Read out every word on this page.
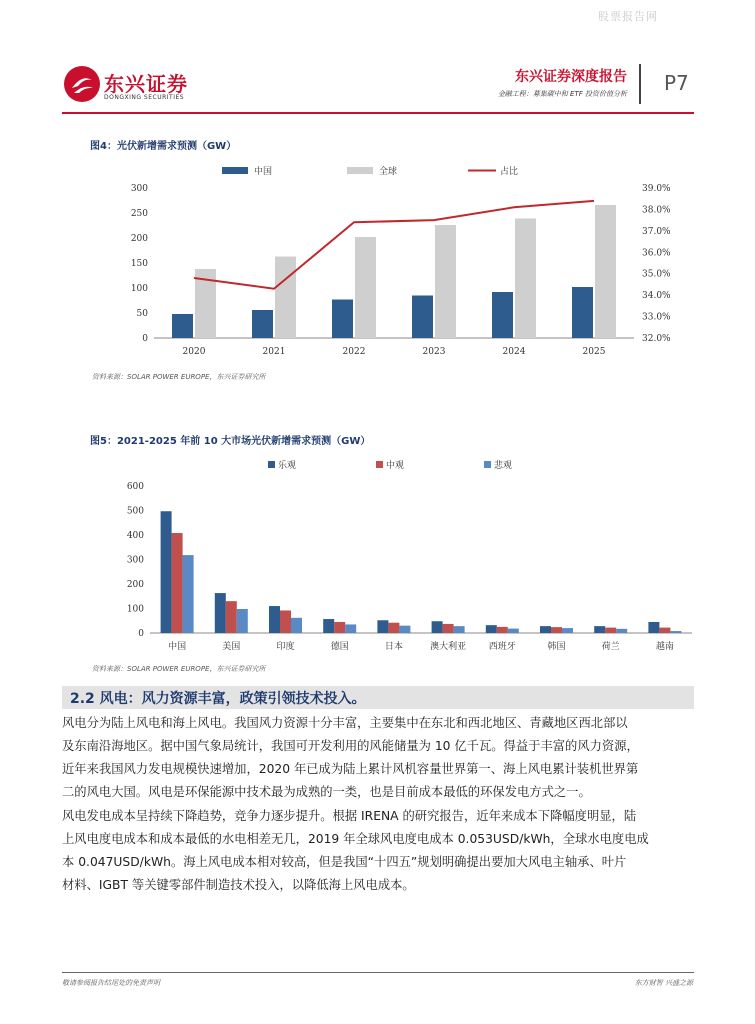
股票报告网
东兴证券
DONGXING SECURITIES
东兴证券深度报告
金融工程：募集碳中和 ETF 投资价值分析 P7
图4：光伏新增需求预测（GW）
中国	全球	占比
0
50
100
150
200
250
300
32.0%
33.0%
34.0%
35.0%
36.0%
37.0%
38.0%
39.0%
2020	2021	2022	2023	2024	2025
资料来源：SOLAR POWER EUROPE，东兴证券研究所
图5：2021-2025 年前 10 大市场光伏新增需求预测（GW）
乐观	中观	悲观
0
100
200
300
400
500
600
中国	美国	印度	德国	日本	澳大利亚	西班牙	韩国	荷兰	越南
资料来源：SOLAR POWER EUROPE，东兴证券研究所
2.2 风电：风力资源丰富，政策引领技术投入。
风电分为陆上风电和海上风电。我国风力资源十分丰富，主要集中在东北和西北地区、青藏地区西北部以
及东南沿海地区。据中国气象局统计，我国可开发利用的风能储量为 10 亿千瓦。得益于丰富的风力资源，
近年来我国风力发电规模快速增加，2020 年已成为陆上累计风机容量世界第一、海上风电累计装机世界第
二的风电大国。风电是环保能源中技术最为成熟的一类，也是目前成本最低的环保发电方式之一。
风电发电成本呈持续下降趋势，竞争力逐步提升。根据 IRENA 的研究报告，近年来成本下降幅度明显，陆
上风电度电成本和成本最低的水电相差无几，2019 年全球风电度电成本 0.053USD/kWh，全球水电度电成
本 0.047USD/kWh。海上风电成本相对较高，但是我国“十四五”规划明确提出要加大风电主轴承、叶片
材料、IGBT 等关键零部件制造技术投入，以降低海上风电成本。
敬请参阅报告结尾处的免责声明	东方财智 兴盛之源
